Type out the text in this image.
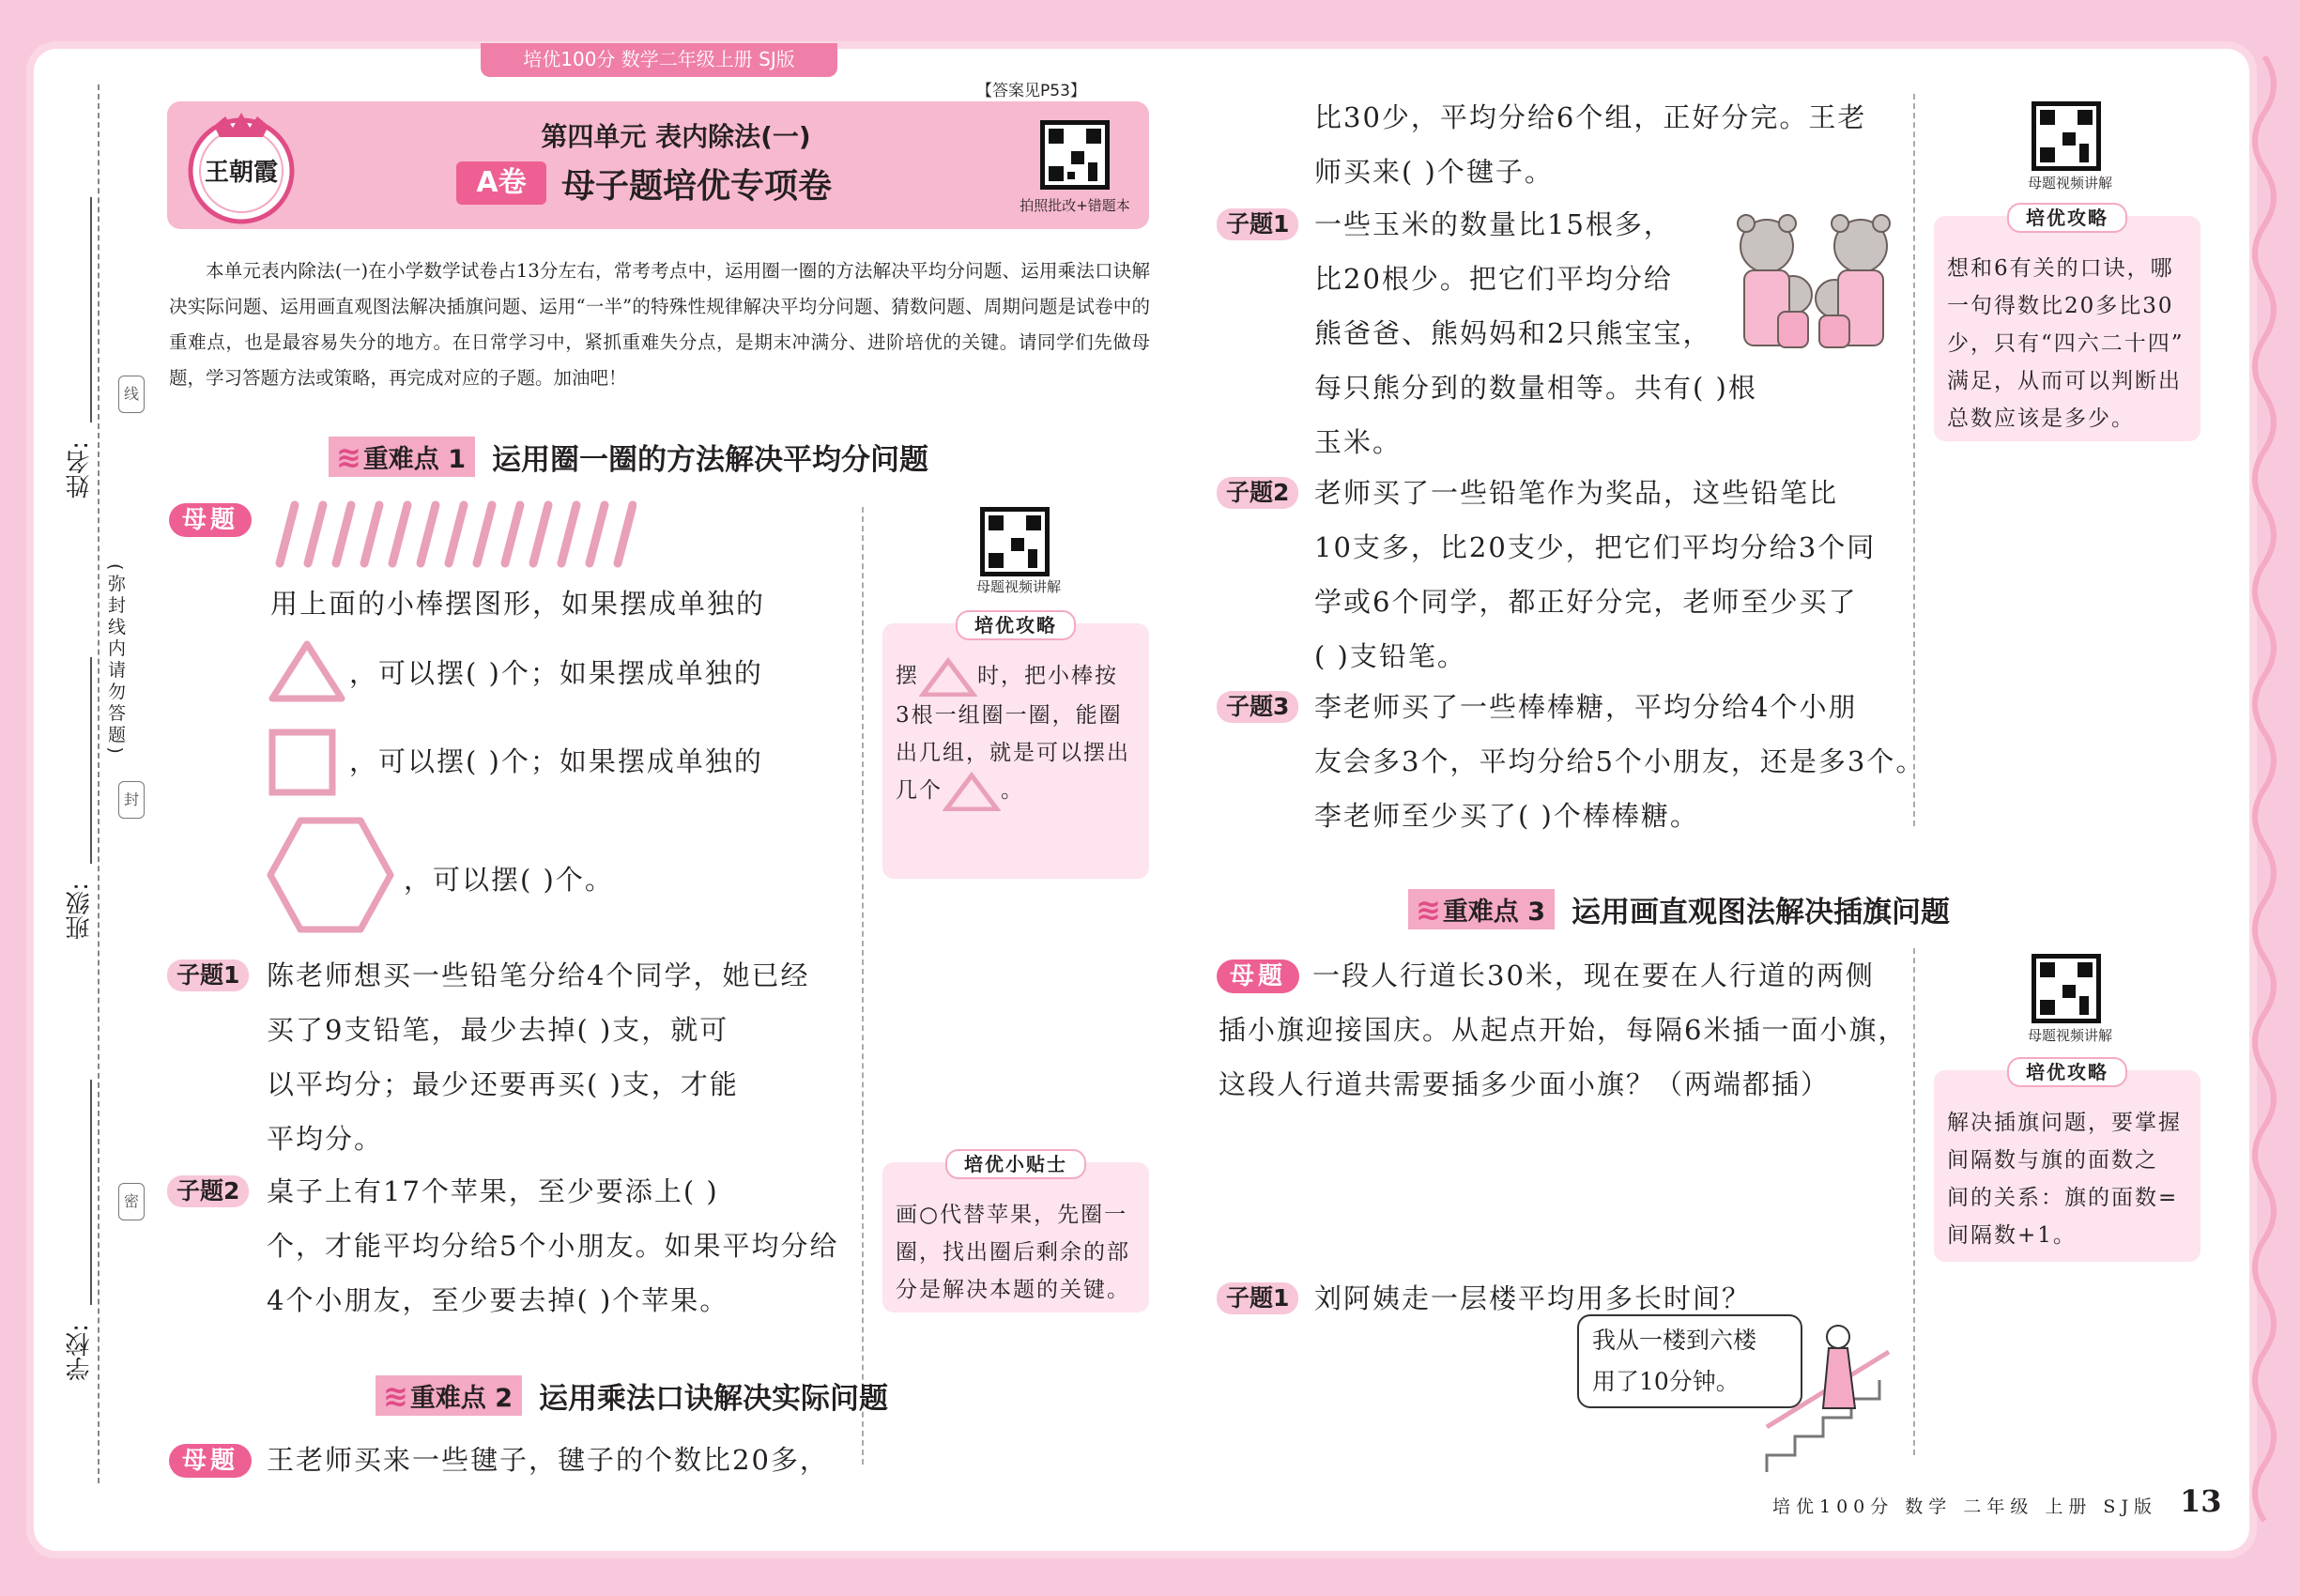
培优100分 数学二年级上册 SJ版
【答案见P53】
姓名:
班级:
学校:
线
封
密
(弥封线内请勿答题)
王朝霞
第四单元 表内除法(一)
A卷	母子题培优专项卷	拍照批改+错题本
母题视频讲解
母题视频讲解
母题视频讲解
本单元表内除法(一)在小学数学试卷占13分左右，常考考点中，运用圈一圈的方法解决平均分问题、运用乘法口诀解决实际问题、运用画直观图法解决插旗问题、运用“一半”的特殊性规律解决平均分问题、猜数问题、周期问题是试卷中的重难点，也是最容易失分的地方。在日常学习中，紧抓重难失分点，是期末冲满分、进阶培优的关键。请同学们先做母题，学习答题方法或策略，再完成对应的子题。加油吧！
≋ 重难点 1 运用圈一圈的方法解决平均分问题
母题
用上面的小棒摆图形，如果摆成单独的
，可以摆( )个；如果摆成单独的
，可以摆( )个；如果摆成单独的
，可以摆( )个。
培优攻略
摆	时，把小棒按
3根一组圈一圈，能圈
出几组，就是可以摆出
几个	。
子题1 陈老师想买一些铅笔分给4个同学，她已经
买了9支铅笔，最少去掉( )支，就可
以平均分；最少还要再买( )支，才能
平均分。
子题2 桌子上有17个苹果，至少要添上( )
个，才能平均分给5个小朋友。如果平均分给
4个小朋友，至少要去掉( )个苹果。
培优小贴士
画○代替苹果，先圈一
圈，找出圈后剩余的部
分是解决本题的关键。
≋ 重难点 2 运用乘法口诀解决实际问题
母题	王老师买来一些毽子，毽子的个数比20多，
比30少，平均分给6个组，正好分完。王老
师买来( )个毽子。
培优攻略
想和6有关的口诀，哪
一句得数比20多比30
少，只有“四六二十四”
满足，从而可以判断出
总数应该是多少。
子题1 一些玉米的数量比15根多，
比20根少。把它们平均分给
熊爸爸、熊妈妈和2只熊宝宝，
每只熊分到的数量相等。共有( )根
玉米。
子题2 老师买了一些铅笔作为奖品，这些铅笔比
10支多，比20支少，把它们平均分给3个同
学或6个同学，都正好分完，老师至少买了
( )支铅笔。
子题3 李老师买了一些棒棒糖，平均分给4个小朋
友会多3个，平均分给5个小朋友，还是多3个。
李老师至少买了( )个棒棒糖。
≋ 重难点 3 运用画直观图法解决插旗问题
母题 一段人行道长30米，现在要在人行道的两侧
插小旗迎接国庆。从起点开始，每隔6米插一面小旗，
这段人行道共需要插多少面小旗？（两端都插）	培优攻略
解决插旗问题，要掌握
间隔数与旗的面数之
间的关系：旗的面数=
间隔数+1。
子题1 刘阿姨走一层楼平均用多长时间？
我从一楼到六楼
用了10分钟。
培优100分 数学 二年级 上册 SJ版 13
